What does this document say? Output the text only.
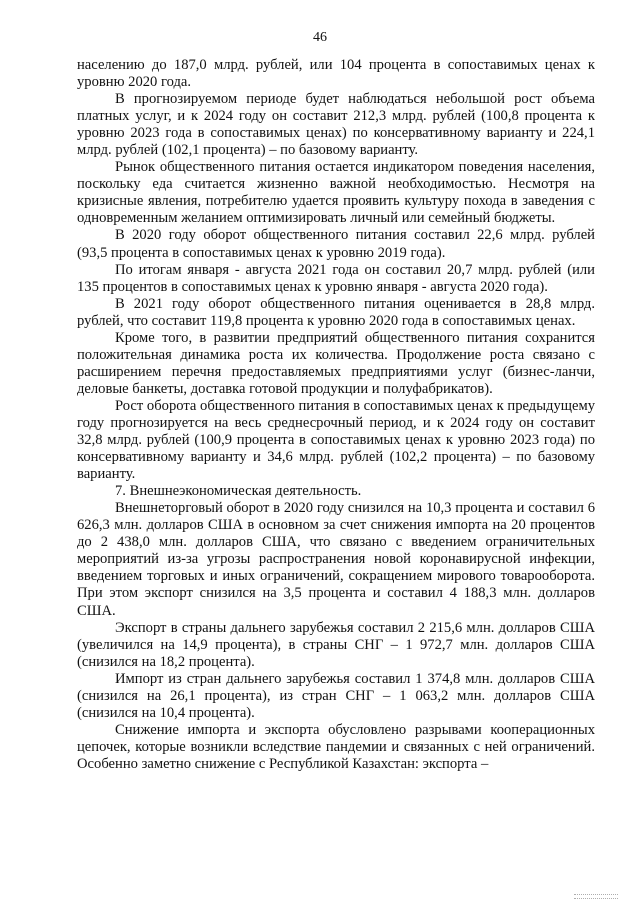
46

населению до 187,0 млрд. рублей, или 104 процента в сопоставимых ценах к уровню 2020 года.

В прогнозируемом периоде будет наблюдаться небольшой рост объема платных услуг, и к 2024 году он составит 212,3 млрд. рублей (100,8 процента к уровню 2023 года в сопоставимых ценах) по консервативному варианту и 224,1 млрд. рублей (102,1 процента) – по базовому варианту.

Рынок общественного питания остается индикатором поведения населения, поскольку еда считается жизненно важной необходимостью. Несмотря на кризисные явления, потребителю удается проявить культуру похода в заведения с одновременным желанием оптимизировать личный или семейный бюджеты.

В 2020 году оборот общественного питания составил 22,6 млрд. рублей (93,5 процента в сопоставимых ценах к уровню 2019 года).

По итогам января - августа 2021 года он составил 20,7 млрд. рублей (или 135 процентов в сопоставимых ценах к уровню января - августа 2020 года).

В 2021 году оборот общественного питания оценивается в 28,8 млрд. рублей, что составит 119,8 процента к уровню 2020 года в сопоставимых ценах.

Кроме того, в развитии предприятий общественного питания сохранится положительная динамика роста их количества. Продолжение роста связано с расширением перечня предоставляемых предприятиями услуг (бизнес-ланчи, деловые банкеты, доставка готовой продукции и полуфабрикатов).

Рост оборота общественного питания в сопоставимых ценах к предыдущему году прогнозируется на весь среднесрочный период, и к 2024 году он составит 32,8 млрд. рублей (100,9 процента в сопоставимых ценах к уровню 2023 года) по консервативному варианту и 34,6 млрд. рублей (102,2 процента) – по базовому варианту.

7. Внешнеэкономическая деятельность.

Внешнеторговый оборот в 2020 году снизился на 10,3 процента и составил 6 626,3 млн. долларов США в основном за счет снижения импорта на 20 процентов до 2 438,0 млн. долларов США, что связано с введением ограничительных мероприятий из-за угрозы распространения новой коронавирусной инфекции, введением торговых и иных ограничений, сокращением мирового товарооборота. При этом экспорт снизился на 3,5 процента и составил 4 188,3 млн. долларов США.

Экспорт в страны дальнего зарубежья составил 2 215,6 млн. долларов США (увеличился на 14,9 процента), в страны СНГ – 1 972,7 млн. долларов США (снизился на 18,2 процента).

Импорт из стран дальнего зарубежья составил 1 374,8 млн. долларов США (снизился на 26,1 процента), из стран СНГ – 1 063,2 млн. долларов США (снизился на 10,4 процента).

Снижение импорта и экспорта обусловлено разрывами кооперационных цепочек, которые возникли вследствие пандемии и связанных с ней ограничений. Особенно заметно снижение с Республикой Казахстан: экспорта –
